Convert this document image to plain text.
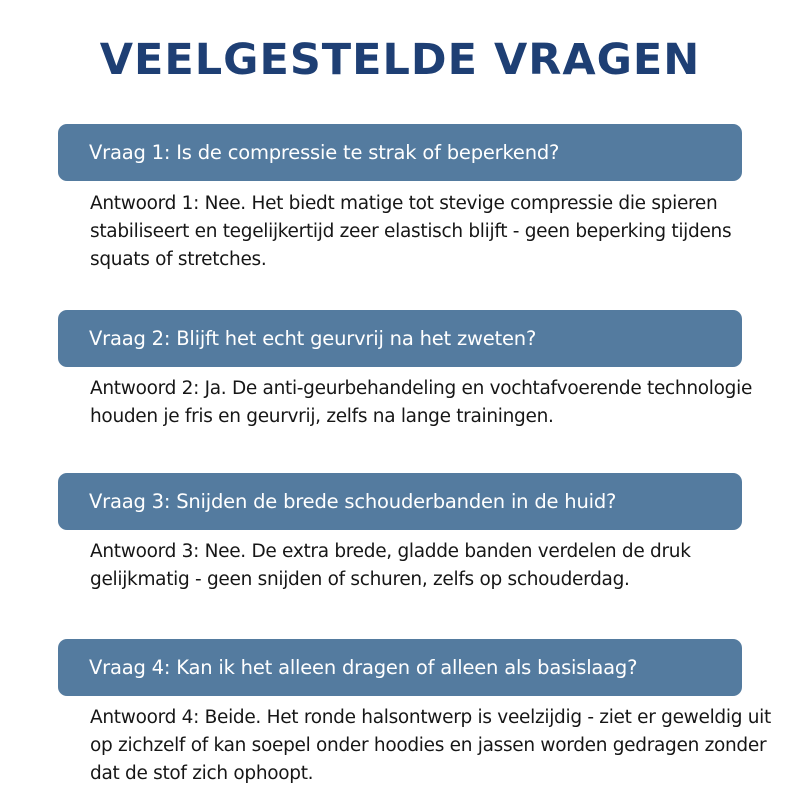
VEELGESTELDE VRAGEN
Vraag 1: Is de compressie te strak of beperkend?

Antwoord 1: Nee. Het biedt matige tot stevige compressie die spieren stabiliseert en tegelijkertijd zeer elastisch blijft - geen beperking tijdens squats of stretches.

Vraag 2: Blijft het echt geurvrij na het zweten?

Antwoord 2: Ja. De anti-geurbehandeling en vochtafvoerende technologie houden je fris en geurvrij, zelfs na lange trainingen.

Vraag 3: Snijden de brede schouderbanden in de huid?

Antwoord 3: Nee. De extra brede, gladde banden verdelen de druk gelijkmatig - geen snijden of schuren, zelfs op schouderdag.

Vraag 4: Kan ik het alleen dragen of alleen als basislaag?

Antwoord 4: Beide. Het ronde halsontwerp is veelzijdig - ziet er geweldig uit op zichzelf of kan soepel onder hoodies en jassen worden gedragen zonder dat de stof zich ophoopt.
